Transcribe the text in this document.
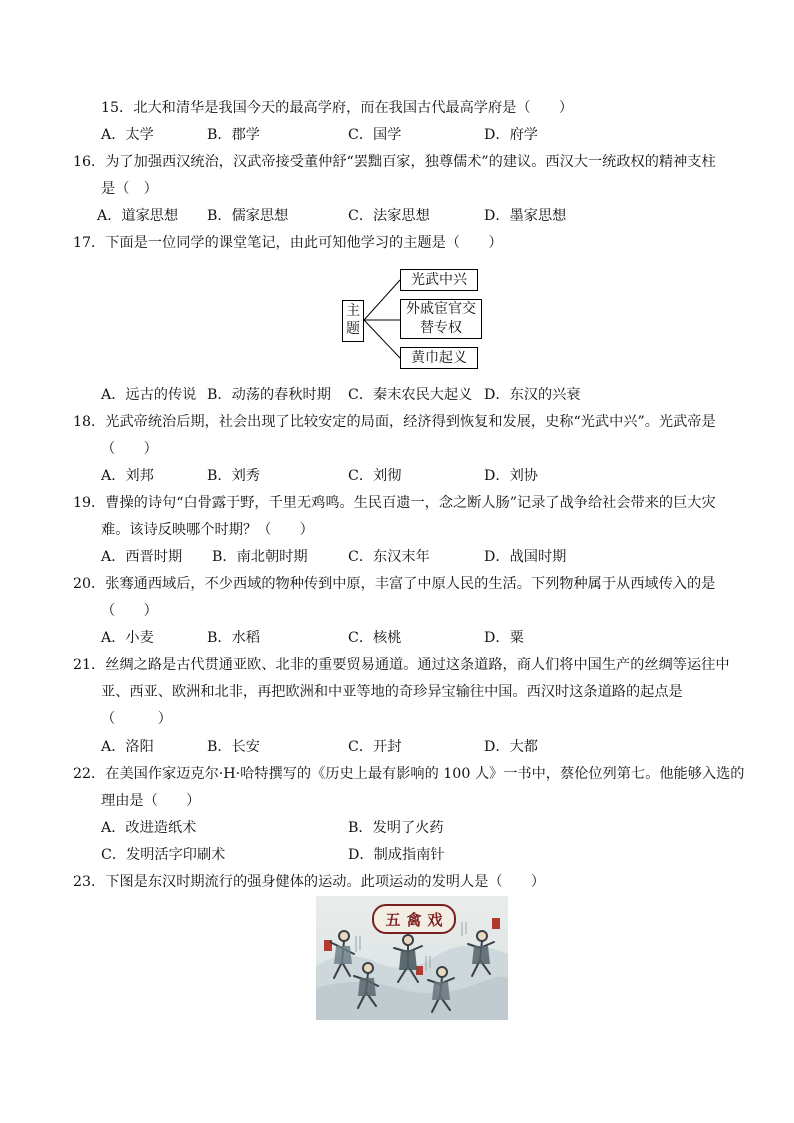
15．北大和清华是我国今天的最高学府，而在我国古代最高学府是（　　）
A．太学	B．郡学	C．国学	D．府学
16．为了加强西汉统治，汉武帝接受董仲舒“罢黜百家，独尊儒术”的建议。西汉大一统政权的精神支柱
是（　）
A．道家思想 B．儒家思想	C．法家思想	D．墨家思想
17．下面是一位同学的课堂笔记，由此可知他学习的主题是（　　）
主题
光武中兴
外戚宦官交替专权
黄巾起义
A．远古的传说 B．动荡的春秋时期 C．秦末农民大起义 D．东汉的兴衰
18．光武帝统治后期，社会出现了比较安定的局面，经济得到恢复和发展，史称“光武中兴”。光武帝是
（　　）
A．刘邦	B．刘秀	C．刘彻	D．刘协
19．曹操的诗句“白骨露于野，千里无鸡鸣。生民百遗一，念之断人肠”记录了战争给社会带来的巨大灾
难。该诗反映哪个时期？（　　）
A．西晋时期 B．南北朝时期	C．东汉末年	D．战国时期
20．张骞通西域后，不少西域的物种传到中原，丰富了中原人民的生活。下列物种属于从西域传入的是
（　　）
A．小麦	B．水稻	C．核桃	D．粟
21．丝绸之路是古代贯通亚欧、北非的重要贸易通道。通过这条道路，商人们将中国生产的丝绸等运往中
亚、西亚、欧洲和北非，再把欧洲和中亚等地的奇珍异宝输往中国。西汉时这条道路的起点是
（　　　）
A．洛阳	B．长安	C．开封	D．大都
22．在美国作家迈克尔·H·哈特撰写的《历史上最有影响的 100 人》一书中，蔡伦位列第七。他能够入选的
理由是（　　）
A．改进造纸术	B．发明了火药
C．发明活字印刷术	D．制成指南针
23．下图是东汉时期流行的强身健体的运动。此项运动的发明人是（　　）
五禽戏
